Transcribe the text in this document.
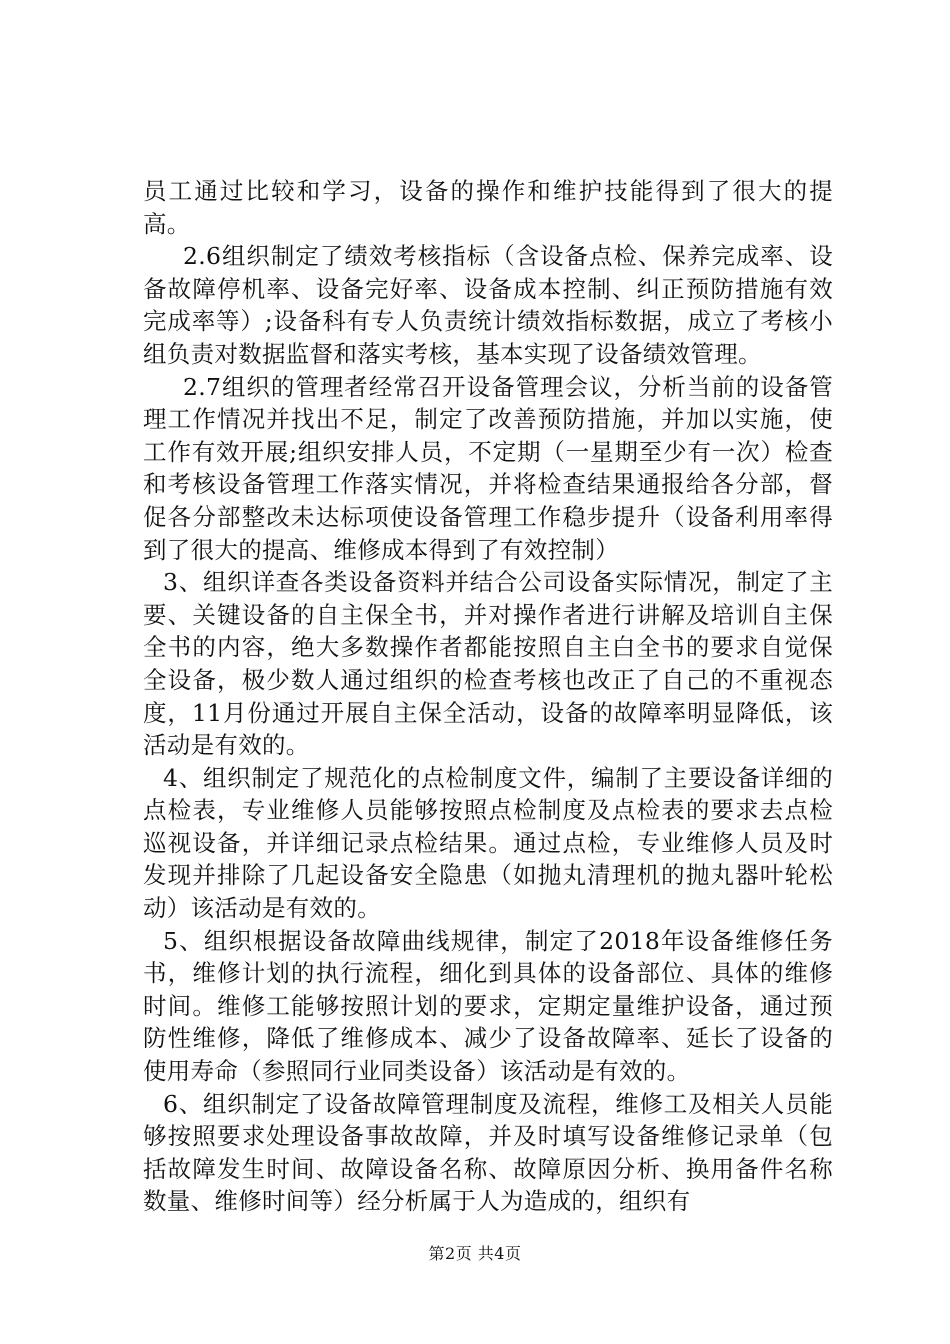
员工通过比较和学习，设备的操作和维护技能得到了很大的提高。

2.6组织制定了绩效考核指标（含设备点检、保养完成率、设备故障停机率、设备完好率、设备成本控制、纠正预防措施有效完成率等）;设备科有专人负责统计绩效指标数据，成立了考核小组负责对数据监督和落实考核，基本实现了设备绩效管理。

2.7组织的管理者经常召开设备管理会议，分析当前的设备管理工作情况并找出不足，制定了改善预防措施，并加以实施，使工作有效开展;组织安排人员，不定期（一星期至少有一次）检查和考核设备管理工作落实情况，并将检查结果通报给各分部，督促各分部整改未达标项使设备管理工作稳步提升（设备利用率得到了很大的提高、维修成本得到了有效控制）

3、组织详查各类设备资料并结合公司设备实际情况，制定了主要、关键设备的自主保全书，并对操作者进行讲解及培训自主保全书的内容，绝大多数操作者都能按照自主白全书的要求自觉保全设备，极少数人通过组织的检查考核也改正了自己的不重视态度，11月份通过开展自主保全活动，设备的故障率明显降低，该活动是有效的。

4、组织制定了规范化的点检制度文件，编制了主要设备详细的点检表，专业维修人员能够按照点检制度及点检表的要求去点检巡视设备，并详细记录点检结果。通过点检，专业维修人员及时发现并排除了几起设备安全隐患（如抛丸清理机的抛丸器叶轮松动）该活动是有效的。

5、组织根据设备故障曲线规律，制定了2018年设备维修任务书，维修计划的执行流程，细化到具体的设备部位、具体的维修时间。维修工能够按照计划的要求，定期定量维护设备，通过预防性维修，降低了维修成本、减少了设备故障率、延长了设备的使用寿命（参照同行业同类设备）该活动是有效的。

6、组织制定了设备故障管理制度及流程，维修工及相关人员能够按照要求处理设备事故故障，并及时填写设备维修记录单（包括故障发生时间、故障设备名称、故障原因分析、换用备件名称数量、维修时间等）经分析属于人为造成的，组织有

第2页 共4页
